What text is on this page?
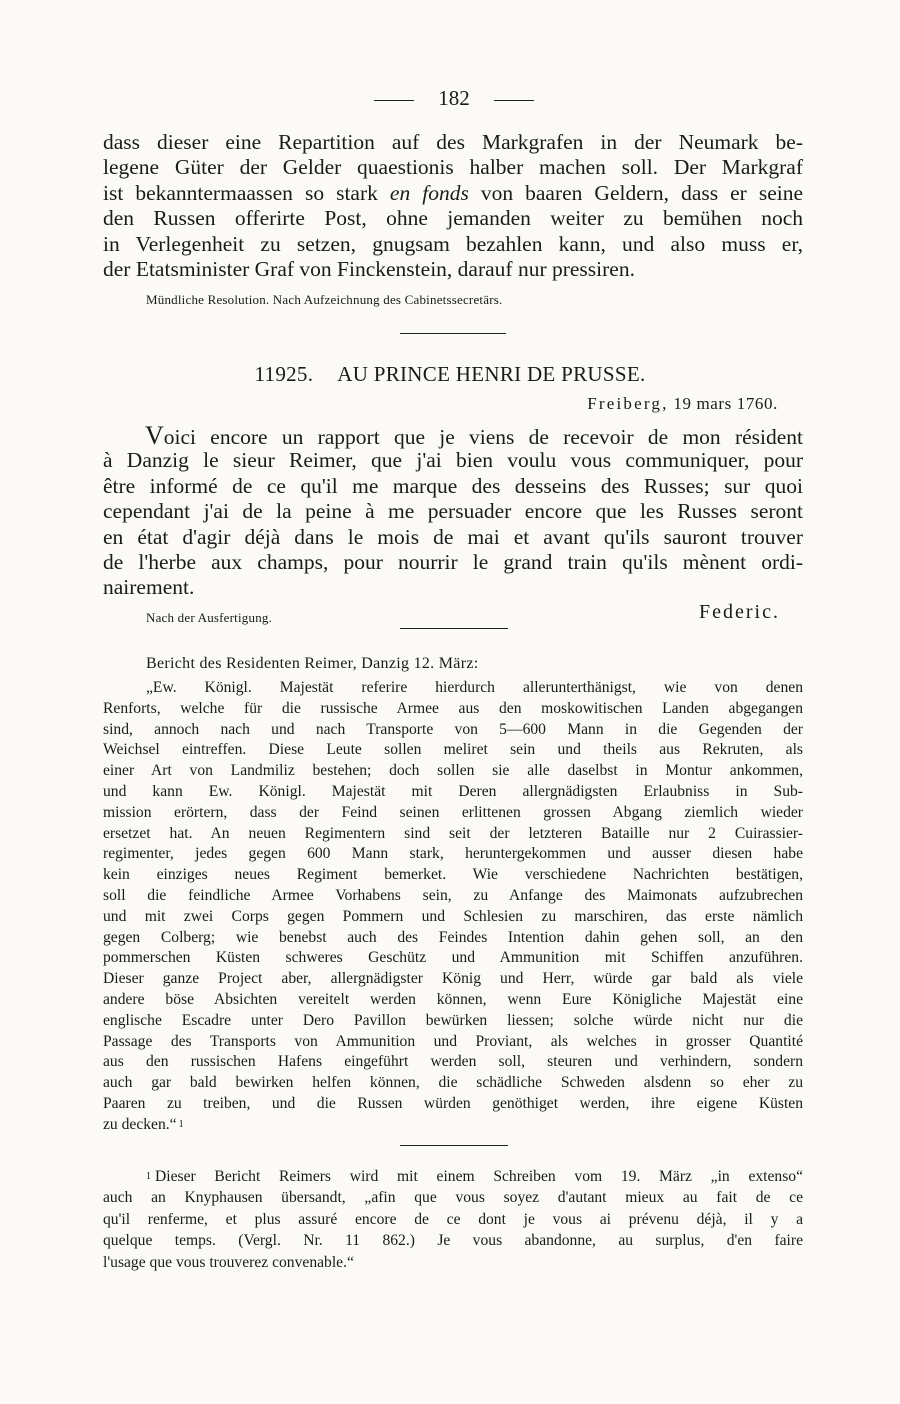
182
dass dieser eine Repartition auf des Markgrafen in der Neumark be-
legene Güter der Gelder quaestionis halber machen soll. Der Markgraf
ist bekanntermaassen so stark en fonds von baaren Geldern, dass er seine
den Russen offerirte Post, ohne jemanden weiter zu bemühen noch
in Verlegenheit zu setzen, gnugsam bezahlen kann, und also muss er,
der Etatsminister Graf von Finckenstein, darauf nur pressiren.
Mündliche Resolution. Nach Aufzeichnung des Cabinetssecretärs.
11925. AU PRINCE HENRI DE PRUSSE.
Freiberg, 19 mars 1760.
Voici encore un rapport que je viens de recevoir de mon résident
à Danzig le sieur Reimer, que j'ai bien voulu vous communiquer, pour
être informé de ce qu'il me marque des desseins des Russes; sur quoi
cependant j'ai de la peine à me persuader encore que les Russes seront
en état d'agir déjà dans le mois de mai et avant qu'ils sauront trouver
de l'herbe aux champs, pour nourrir le grand train qu'ils mènent ordi-
nairement.
Nach der Ausfertigung.	Federic.
Bericht des Residenten Reimer, Danzig 12. März:
„Ew. Königl. Majestät referire hierdurch allerunterthänigst, wie von denen
Renforts, welche für die russische Armee aus den moskowitischen Landen abgegangen
sind, annoch nach und nach Transporte von 5—600 Mann in die Gegenden der
Weichsel eintreffen. Diese Leute sollen meliret sein und theils aus Rekruten, als
einer Art von Landmiliz bestehen; doch sollen sie alle daselbst in Montur ankommen,
und kann Ew. Königl. Majestät mit Deren allergnädigsten Erlaubniss in Sub-
mission erörtern, dass der Feind seinen erlittenen grossen Abgang ziemlich wieder
ersetzet hat. An neuen Regimentern sind seit der letzteren Bataille nur 2 Cuirassier-
regimenter, jedes gegen 600 Mann stark, heruntergekommen und ausser diesen habe
kein einziges neues Regiment bemerket. Wie verschiedene Nachrichten bestätigen,
soll die feindliche Armee Vorhabens sein, zu Anfange des Maimonats aufzubrechen
und mit zwei Corps gegen Pommern und Schlesien zu marschiren, das erste nämlich
gegen Colberg; wie benebst auch des Feindes Intention dahin gehen soll, an den
pommerschen Küsten schweres Geschütz und Ammunition mit Schiffen anzuführen.
Dieser ganze Project aber, allergnädigster König und Herr, würde gar bald als viele
andere böse Absichten vereitelt werden können, wenn Eure Königliche Majestät eine
englische Escadre unter Dero Pavillon bewürken liessen; solche würde nicht nur die
Passage des Transports von Ammunition und Proviant, als welches in grosser Quantité
aus den russischen Hafens eingeführt werden soll, steuren und verhindern, sondern
auch gar bald bewirken helfen können, die schädliche Schweden alsdenn so eher zu
Paaren zu treiben, und die Russen würden genöthiget werden, ihre eigene Küsten
zu decken.“ $^1$
$^1$ Dieser Bericht Reimers wird mit einem Schreiben vom 19. März „in extenso“
auch an Knyphausen übersandt, „afin que vous soyez d'autant mieux au fait de ce
qu'il renferme, et plus assuré encore de ce dont je vous ai prévenu déjà, il y a
quelque temps. (Vergl. Nr. 11 862.) Je vous abandonne, au surplus, d'en faire
l'usage que vous trouverez convenable.“
